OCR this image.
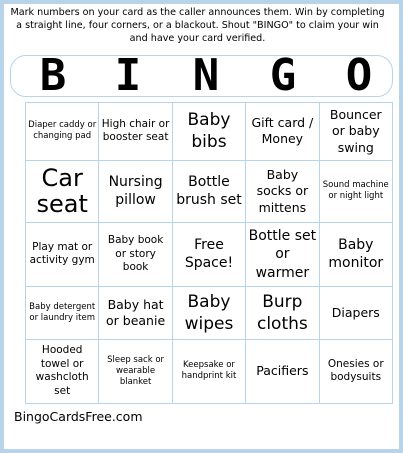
Mark numbers on your card as the caller announces them. Win by completing a straight line, four corners, or a blackout. Shout "BINGO" to claim your win and have your card verified.
B	I	N	G	O
Diaper caddy or changing pad	High chair or booster seat	Baby bibs	Gift card / Money	Bouncer or baby swing
Car seat	Nursing pillow	Bottle brush set	Baby socks or mittens	Sound machine or night light
Play mat or activity gym	Baby book or story book	Free Space!	Bottle set or warmer	Baby monitor
Baby detergent or laundry item	Baby hat or beanie	Baby wipes	Burp cloths	Diapers
Hooded towel or washcloth set	Sleep sack or wearable blanket	Keepsake or handprint kit	Pacifiers	Onesies or bodysuits
BingoCardsFree.com
